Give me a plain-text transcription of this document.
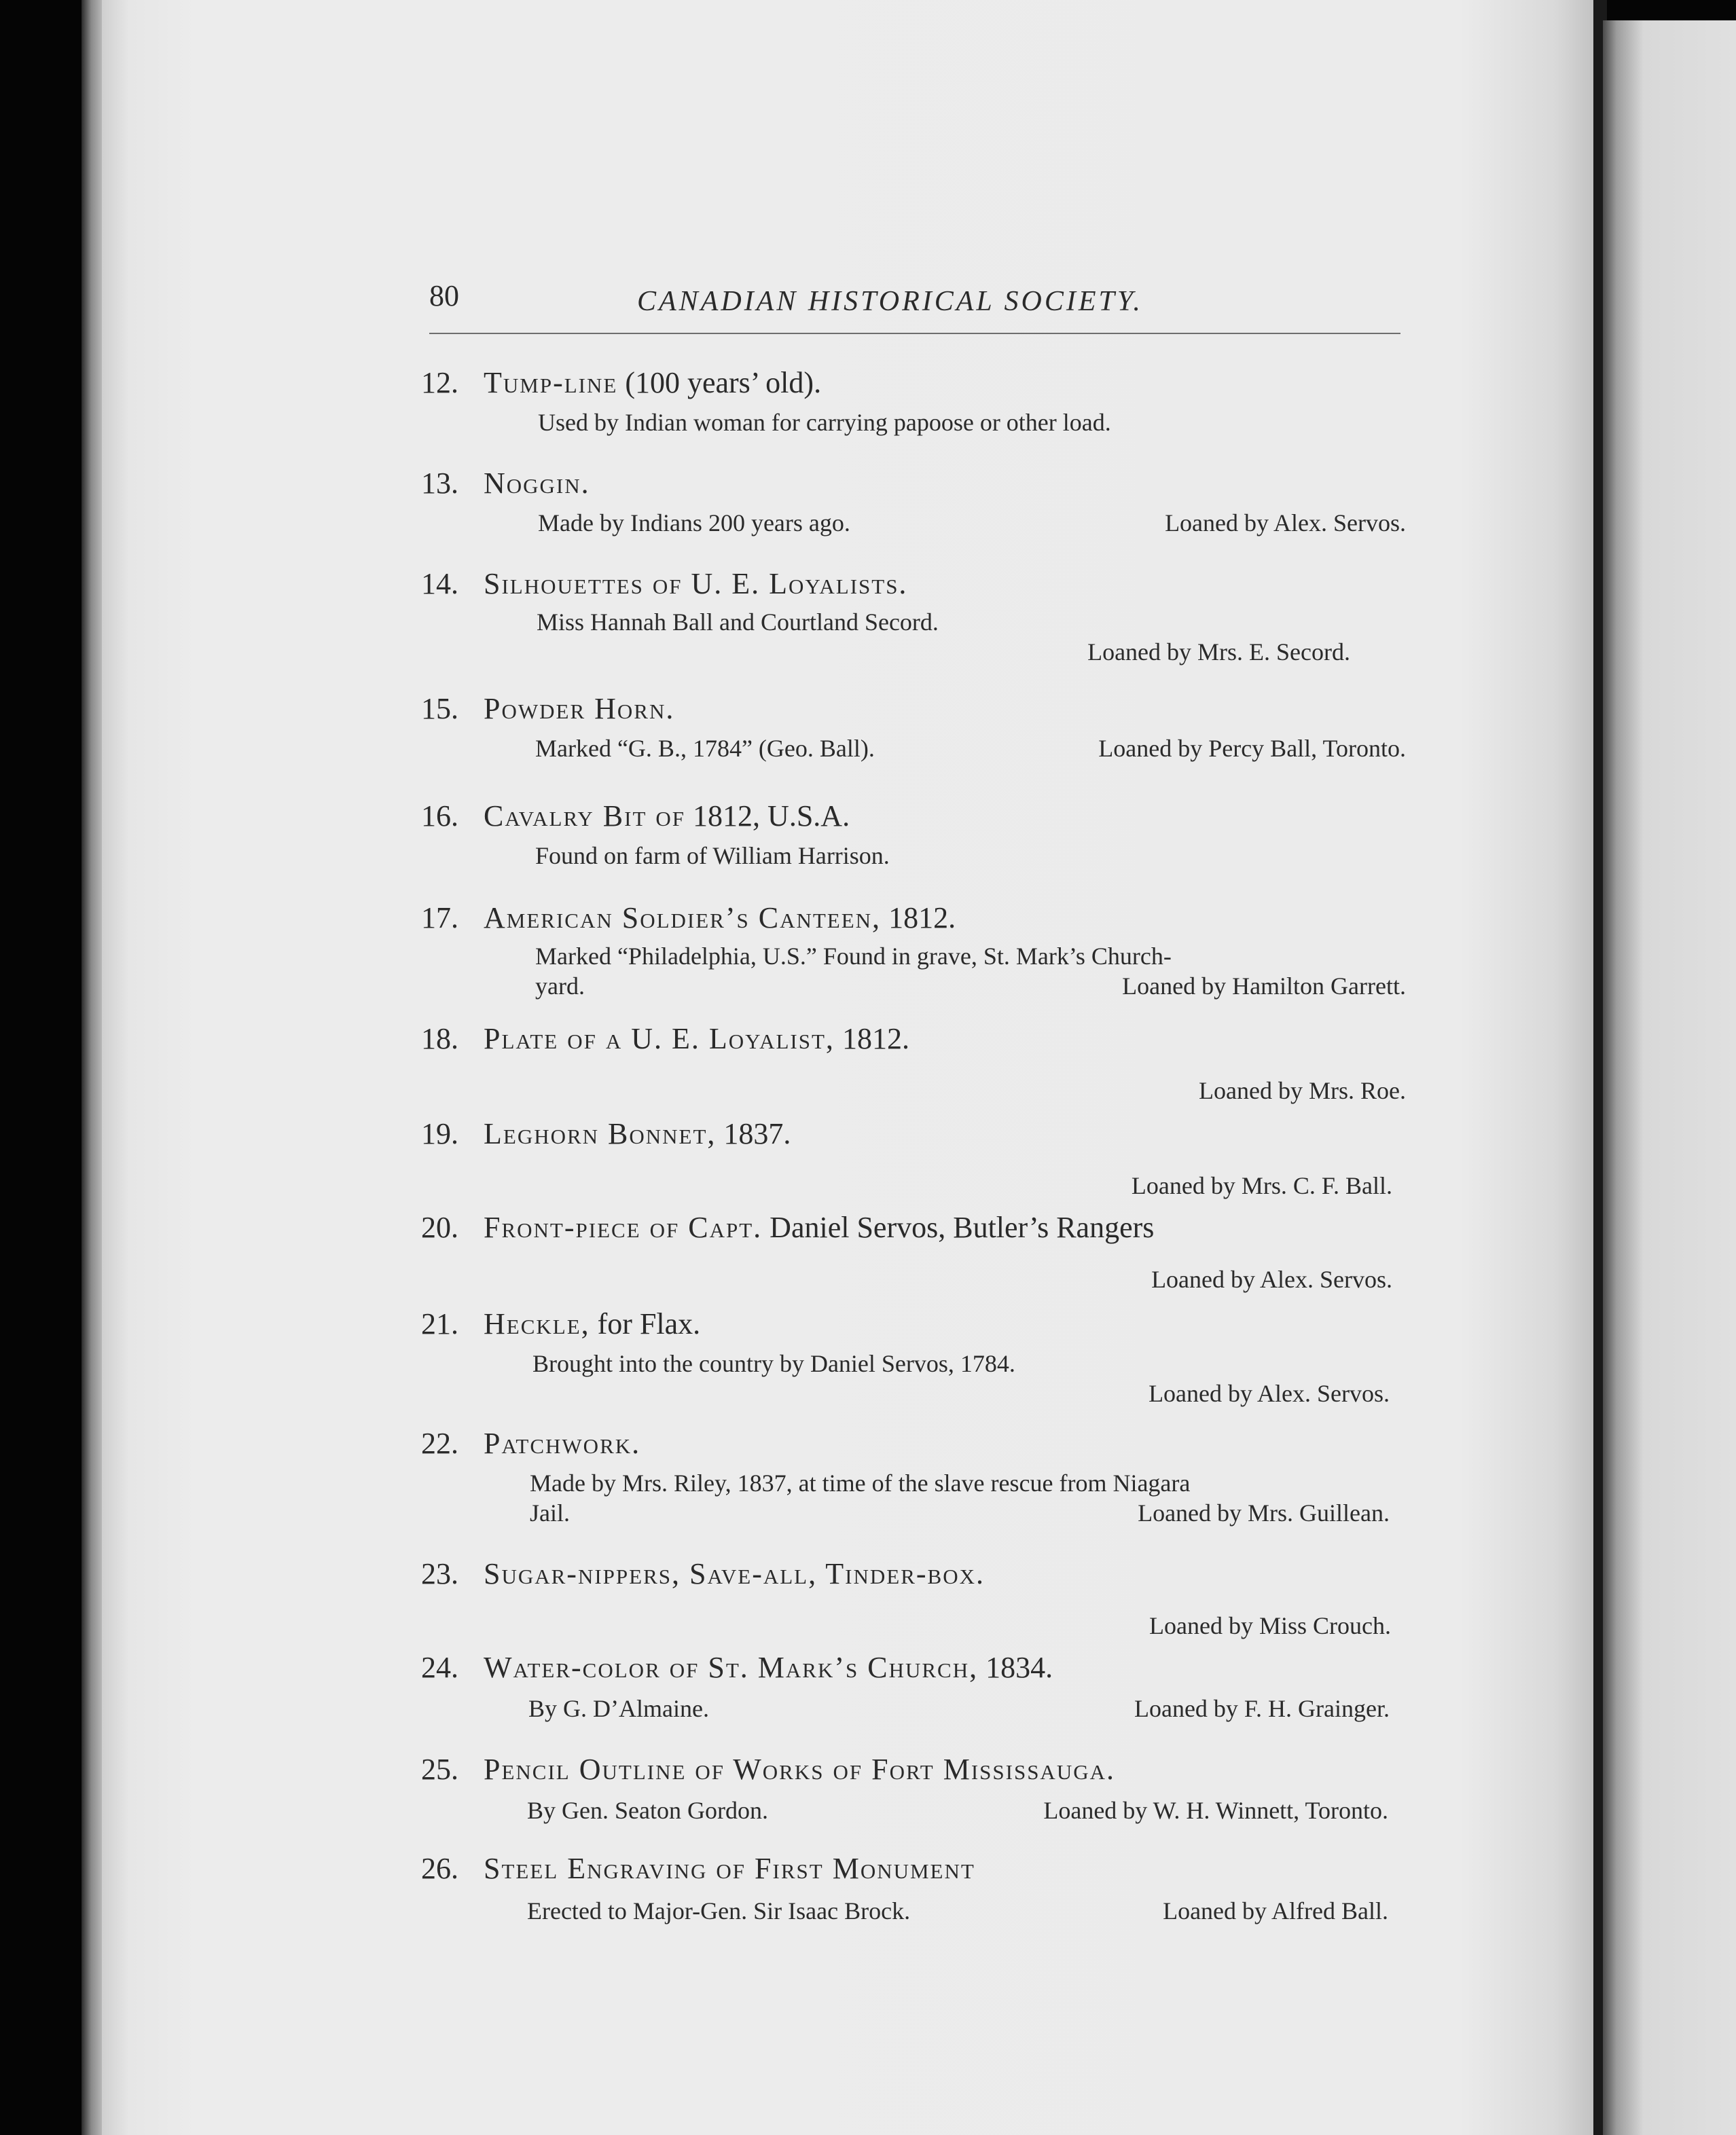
80	CANADIAN HISTORICAL SOCIETY.
12. Tump-line (100 years’ old).
Used by Indian woman for carrying papoose or other load.
13. Noggin.
Made by Indians 200 years ago.	Loaned by Alex. Servos.
14. Silhouettes of U. E. Loyalists.
Miss Hannah Ball and Courtland Secord.
Loaned by Mrs. E. Secord.
15. Powder Horn.
Marked “G. B., 1784” (Geo. Ball).	Loaned by Percy Ball, Toronto.
16. Cavalry Bit of 1812, U.S.A.
Found on farm of William Harrison.
17. American Soldier’s Canteen, 1812.
Marked “Philadelphia, U.S.” Found in grave, St. Mark’s Church-
yard.	Loaned by Hamilton Garrett.
18. Plate of a U. E. Loyalist, 1812.
Loaned by Mrs. Roe.
19. Leghorn Bonnet, 1837.
Loaned by Mrs. C. F. Ball.
20. Front-piece of Capt. Daniel Servos, Butler’s Rangers
Loaned by Alex. Servos.
21. Heckle, for Flax.
Brought into the country by Daniel Servos, 1784.
Loaned by Alex. Servos.
22. Patchwork.
Made by Mrs. Riley, 1837, at time of the slave rescue from Niagara
Jail.	Loaned by Mrs. Guillean.
23. Sugar-nippers, Save-all, Tinder-box.
Loaned by Miss Crouch.
24. Water-color of St. Mark’s Church, 1834.
By G. D’Almaine.	Loaned by F. H. Grainger.
25. Pencil Outline of Works of Fort Mississauga.
By Gen. Seaton Gordon.	Loaned by W. H. Winnett, Toronto.
26. Steel Engraving of First Monument
Erected to Major-Gen. Sir Isaac Brock.	Loaned by Alfred Ball.
